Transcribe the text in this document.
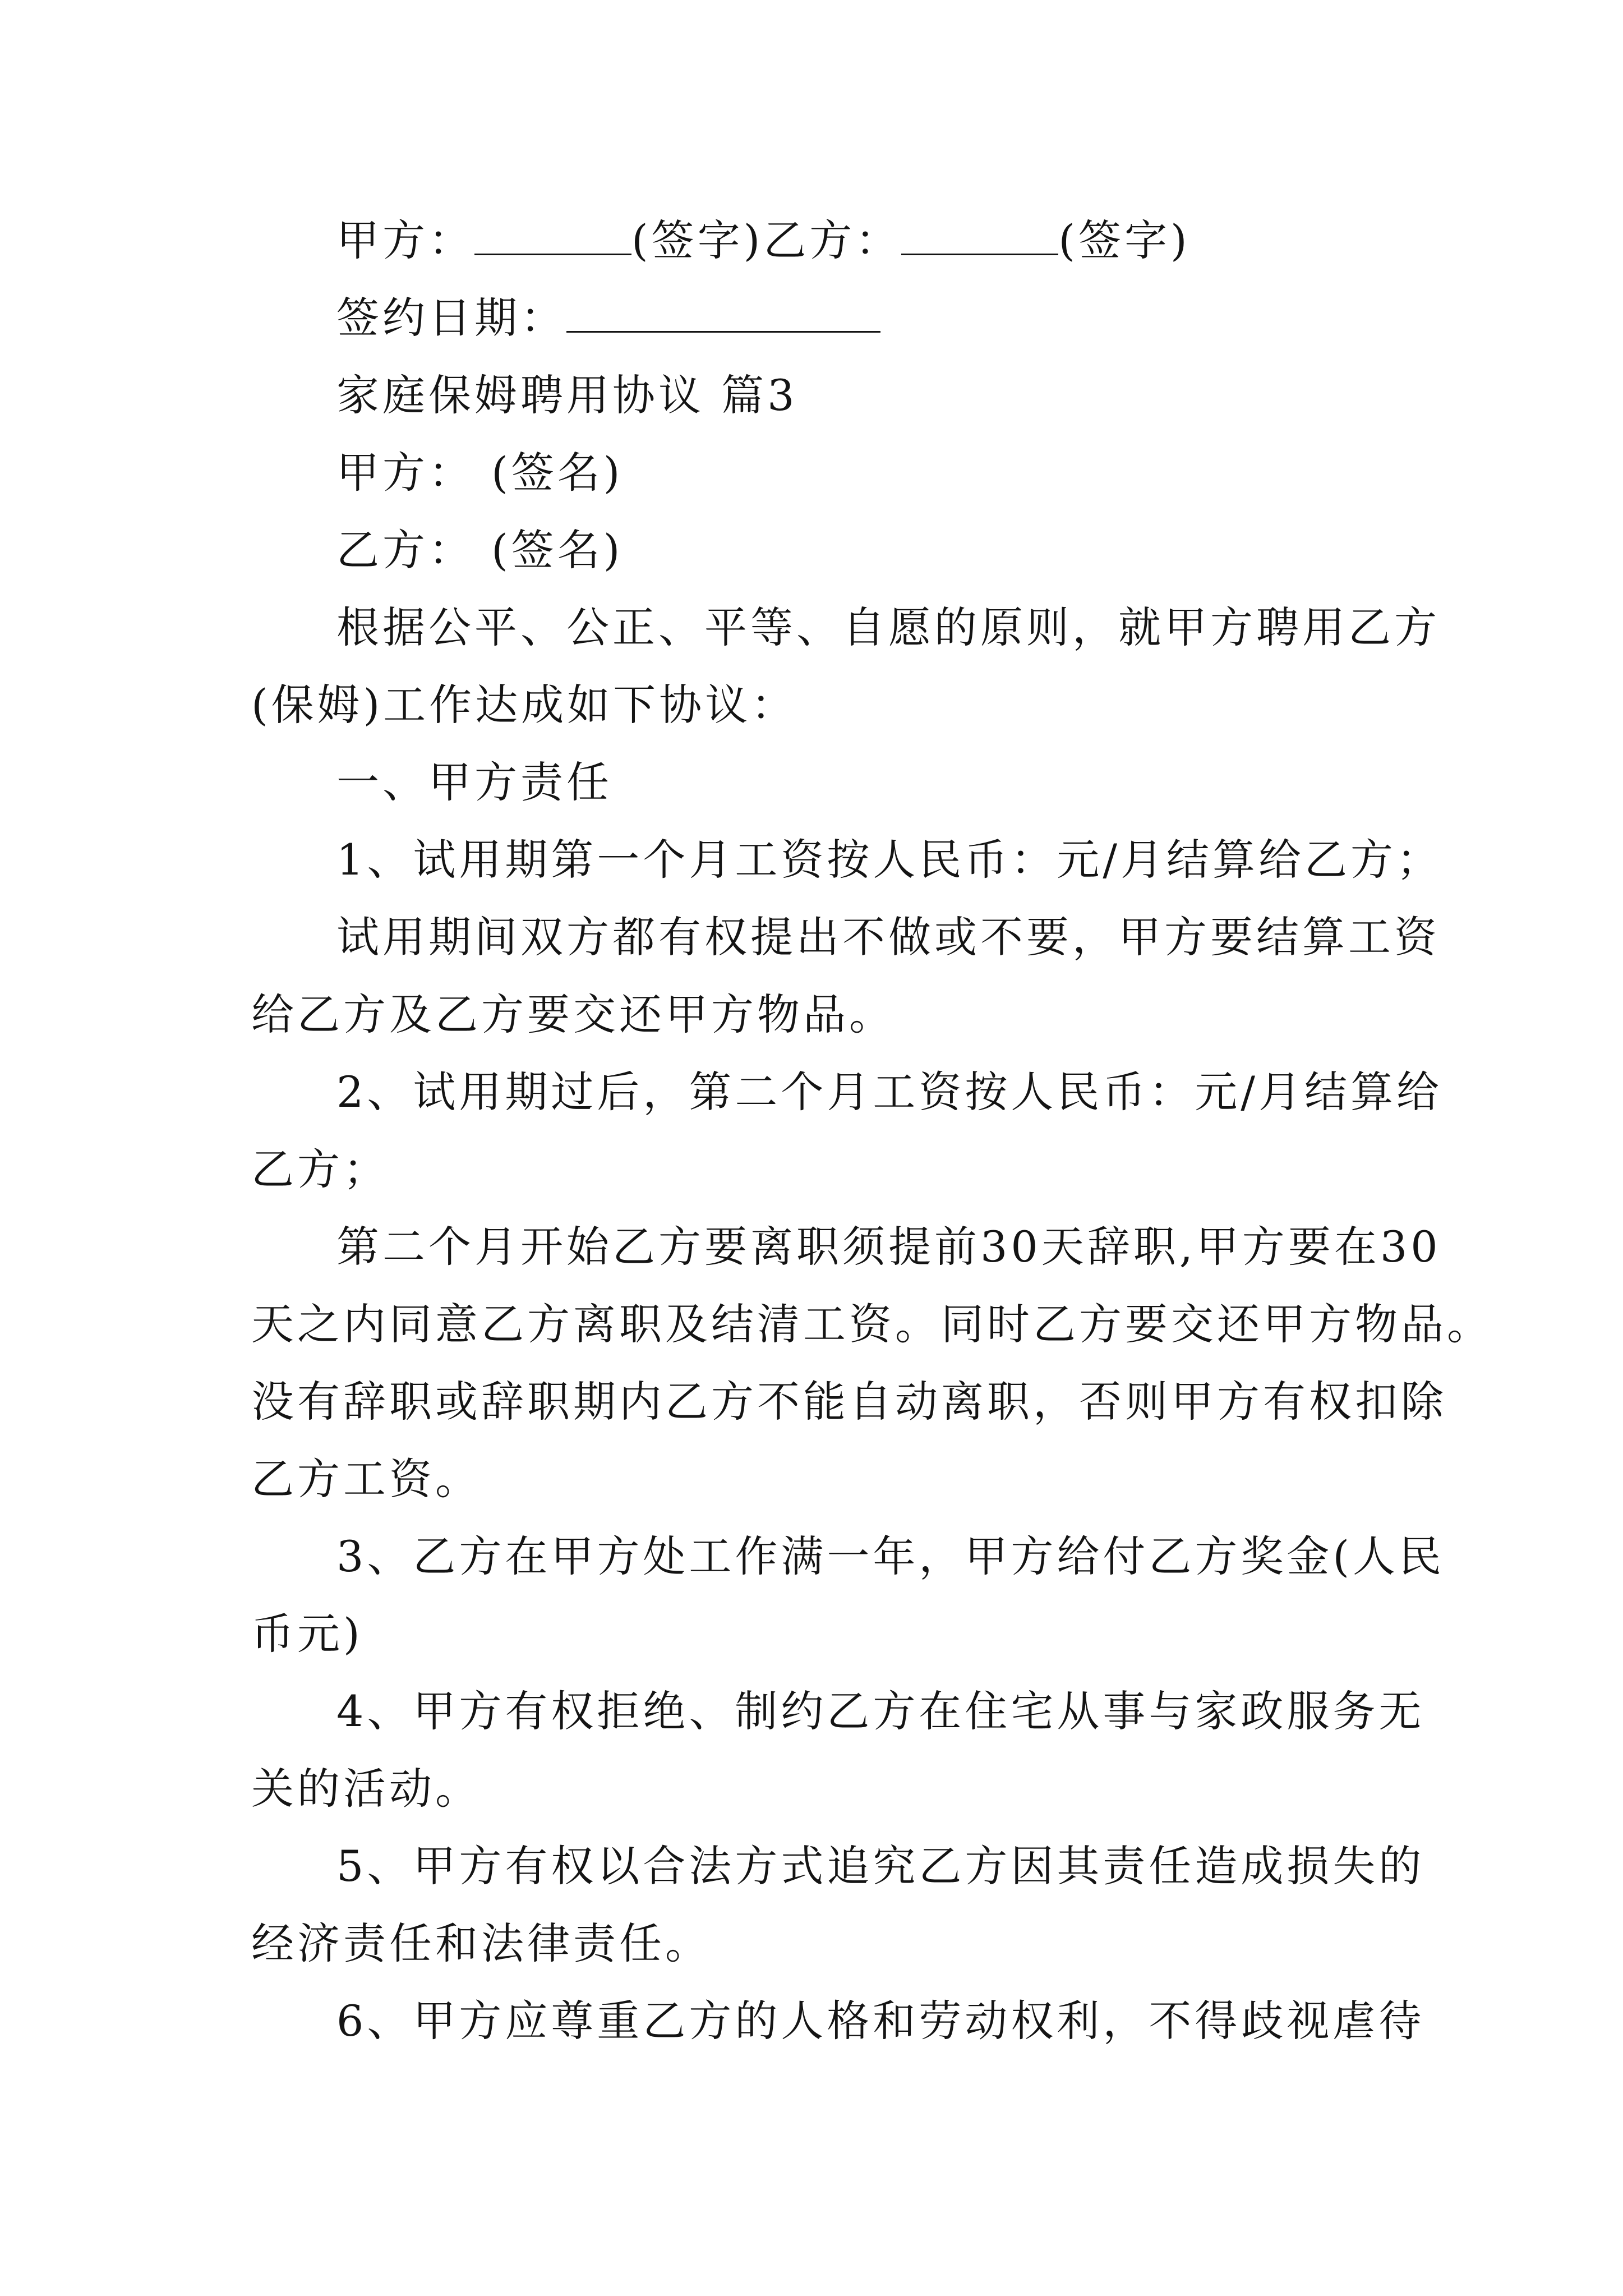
甲方：	(签字)乙方：	(签字)
签约日期：
家庭保姆聘用协议 篇3
甲方： (签名)
乙方： (签名)
根据公平、公正、平等、自愿的原则，就甲方聘用乙方
(保姆)工作达成如下协议：
一、甲方责任
1、试用期第一个月工资按人民币：元/月结算给乙方；
试用期间双方都有权提出不做或不要，甲方要结算工资
给乙方及乙方要交还甲方物品。
2、试用期过后，第二个月工资按人民币：元/月结算给
乙方；
第二个月开始乙方要离职须提前30天辞职,甲方要在30
天之内同意乙方离职及结清工资。同时乙方要交还甲方物品。
没有辞职或辞职期内乙方不能自动离职，否则甲方有权扣除
乙方工资。
3、乙方在甲方处工作满一年，甲方给付乙方奖金(人民
币元)
4、甲方有权拒绝、制约乙方在住宅从事与家政服务无
关的活动。
5、甲方有权以合法方式追究乙方因其责任造成损失的
经济责任和法律责任。
6、甲方应尊重乙方的人格和劳动权利，不得歧视虐待
